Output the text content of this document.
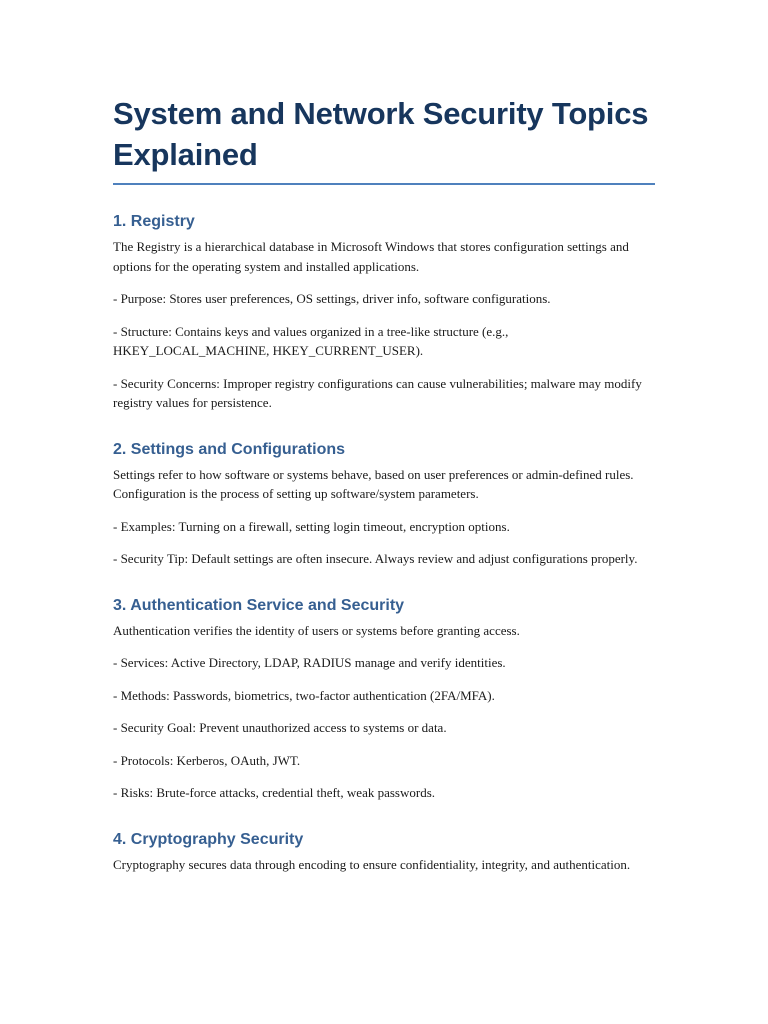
System and Network Security Topics Explained
1. Registry

The Registry is a hierarchical database in Microsoft Windows that stores configuration settings and options for the operating system and installed applications.

- Purpose: Stores user preferences, OS settings, driver info, software configurations.

- Structure: Contains keys and values organized in a tree-like structure (e.g., HKEY_LOCAL_MACHINE, HKEY_CURRENT_USER).

- Security Concerns: Improper registry configurations can cause vulnerabilities; malware may modify registry values for persistence.

2. Settings and Configurations

Settings refer to how software or systems behave, based on user preferences or admin-defined rules. Configuration is the process of setting up software/system parameters.

- Examples: Turning on a firewall, setting login timeout, encryption options.

- Security Tip: Default settings are often insecure. Always review and adjust configurations properly.

3. Authentication Service and Security

Authentication verifies the identity of users or systems before granting access.

- Services: Active Directory, LDAP, RADIUS manage and verify identities.

- Methods: Passwords, biometrics, two-factor authentication (2FA/MFA).

- Security Goal: Prevent unauthorized access to systems or data.

- Protocols: Kerberos, OAuth, JWT.

- Risks: Brute-force attacks, credential theft, weak passwords.

4. Cryptography Security

Cryptography secures data through encoding to ensure confidentiality, integrity, and authentication.
